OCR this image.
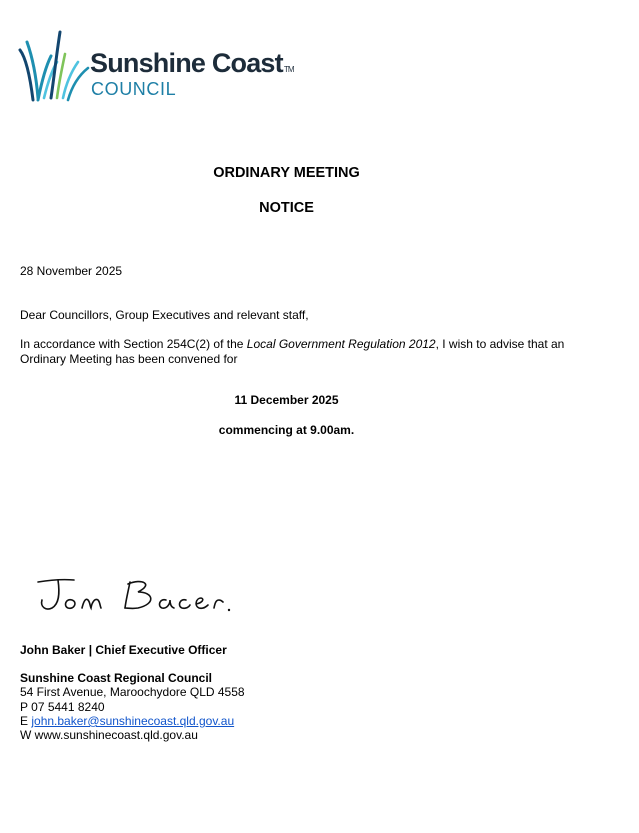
Sunshine CoastTM
COUNCIL
ORDINARY MEETING
NOTICE
28 November 2025
Dear Councillors, Group Executives and relevant staff,
In accordance with Section 254C(2) of the Local Government Regulation 2012, I wish to advise that an Ordinary Meeting has been convened for
11 December 2025
commencing at 9.00am.
John Baker | Chief Executive Officer
Sunshine Coast Regional Council
54 First Avenue, Maroochydore QLD 4558
P 07 5441 8240
E john.baker@sunshinecoast.qld.gov.au
W www.sunshinecoast.qld.gov.au
